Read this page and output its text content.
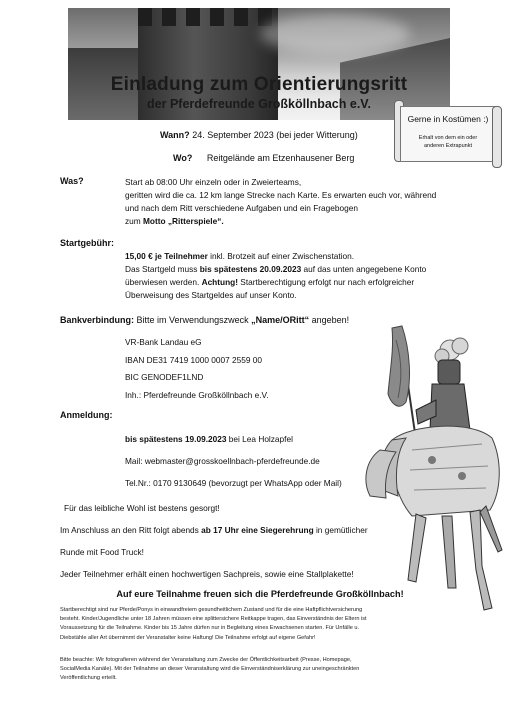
Einladung zum Orientierungsritt
der Pferdefreunde Großköllnbach e.V.
Gerne in Kostümen :)
Erhalt von dem ein oder
anderen Extrapunkt
Wann? 24. September 2023 (bei jeder Witterung)
Wo? Reitgelände am Etzenhausener Berg
Was?	Start ab 08:00 Uhr einzeln oder in Zweierteams,
geritten wird die ca. 12 km lange Strecke nach Karte. Es erwarten euch vor, während
und nach dem Ritt verschiedene Aufgaben und ein Fragebogen
zum Motto „Ritterspiele“.
Startgebühr:
15,00 € je Teilnehmer inkl. Brotzeit auf einer Zwischenstation.
Das Startgeld muss bis spätestens 20.09.2023 auf das unten angegebene Konto
überwiesen werden. Achtung! Startberechtigung erfolgt nur nach erfolgreicher
Überweisung des Startgeldes auf unser Konto.
Bankverbindung: Bitte im Verwendungszweck „Name/ORitt“ angeben!
VR-Bank Landau eG
IBAN DE31 7419 1000 0007 2559 00
BIC GENODEF1LND
Inh.: Pferdefreunde Großköllnbach e.V.
Anmeldung:
bis spätestens 19.09.2023 bei Lea Holzapfel
Mail: webmaster@grosskoellnbach-pferdefreunde.de
Tel.Nr.: 0170 9130649 (bevorzugt per WhatsApp oder Mail)
Für das leibliche Wohl ist bestens gesorgt!
Im Anschluss an den Ritt folgt abends ab 17 Uhr eine Siegerehrung in gemütlicher
Runde mit Food Truck!
Jeder Teilnehmer erhält einen hochwertigen Sachpreis, sowie eine Stallplakette!
Auf eure Teilnahme freuen sich die Pferdefreunde Großköllnbach!
Startberechtigt sind nur Pferde/Ponys in einwandfreiem gesundheitlichem Zustand und für die eine Haftpflichtversicherung
besteht. Kinder/Jugendliche unter 18 Jahren müssen eine splittersichere Reitkappe tragen, das Einverständnis der Eltern ist
Voraussetzung für die Teilnahme. Kinder bis 15 Jahre dürfen nur in Begleitung eines Erwachsenen starten. Für Unfälle u.
Diebstähle aller Art übernimmt der Veranstalter keine Haftung! Die Teilnahme erfolgt auf eigene Gefahr!
Bitte beachte: Wir fotografieren während der Veranstaltung zum Zwecke der Öffentlichkeitsarbeit (Presse, Homepage,
SocialMedia Kanäle). Mit der Teilnahme an dieser Veranstaltung wird die Einverständniserklärung zur uneingeschränkten
Veröffentlichung erteilt.
